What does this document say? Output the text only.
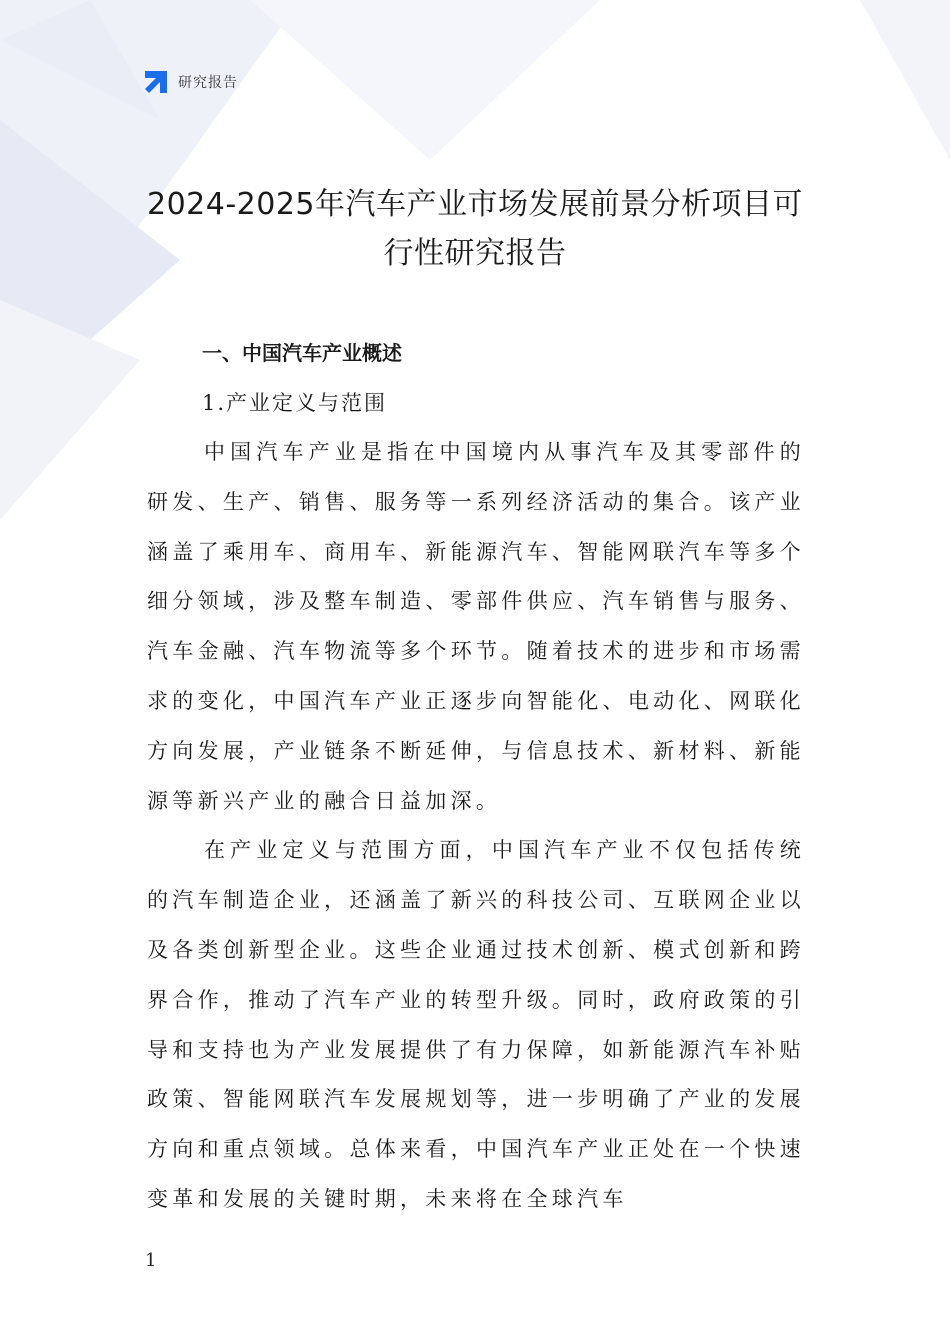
研究报告
2024-2025年汽车产业市场发展前景分析项目可
行性研究报告
一、中国汽车产业概述
1.产业定义与范围

中国汽车产业是指在中国境内从事汽车及其零部件的研发、生产、销售、服务等一系列经济活动的集合。该产业涵盖了乘用车、商用车、新能源汽车、智能网联汽车等多个细分领域，涉及整车制造、零部件供应、汽车销售与服务、汽车金融、汽车物流等多个环节。随着技术的进步和市场需求的变化，中国汽车产业正逐步向智能化、电动化、网联化方向发展，产业链条不断延伸，与信息技术、新材料、新能源等新兴产业的融合日益加深。

在产业定义与范围方面，中国汽车产业不仅包括传统的汽车制造企业，还涵盖了新兴的科技公司、互联网企业以及各类创新型企业。这些企业通过技术创新、模式创新和跨界合作，推动了汽车产业的转型升级。同时，政府政策的引导和支持也为产业发展提供了有力保障，如新能源汽车补贴政策、智能网联汽车发展规划等，进一步明确了产业的发展方向和重点领域。总体来看，中国汽车产业正处在一个快速变革和发展的关键时期，未来将在全球汽车

1
